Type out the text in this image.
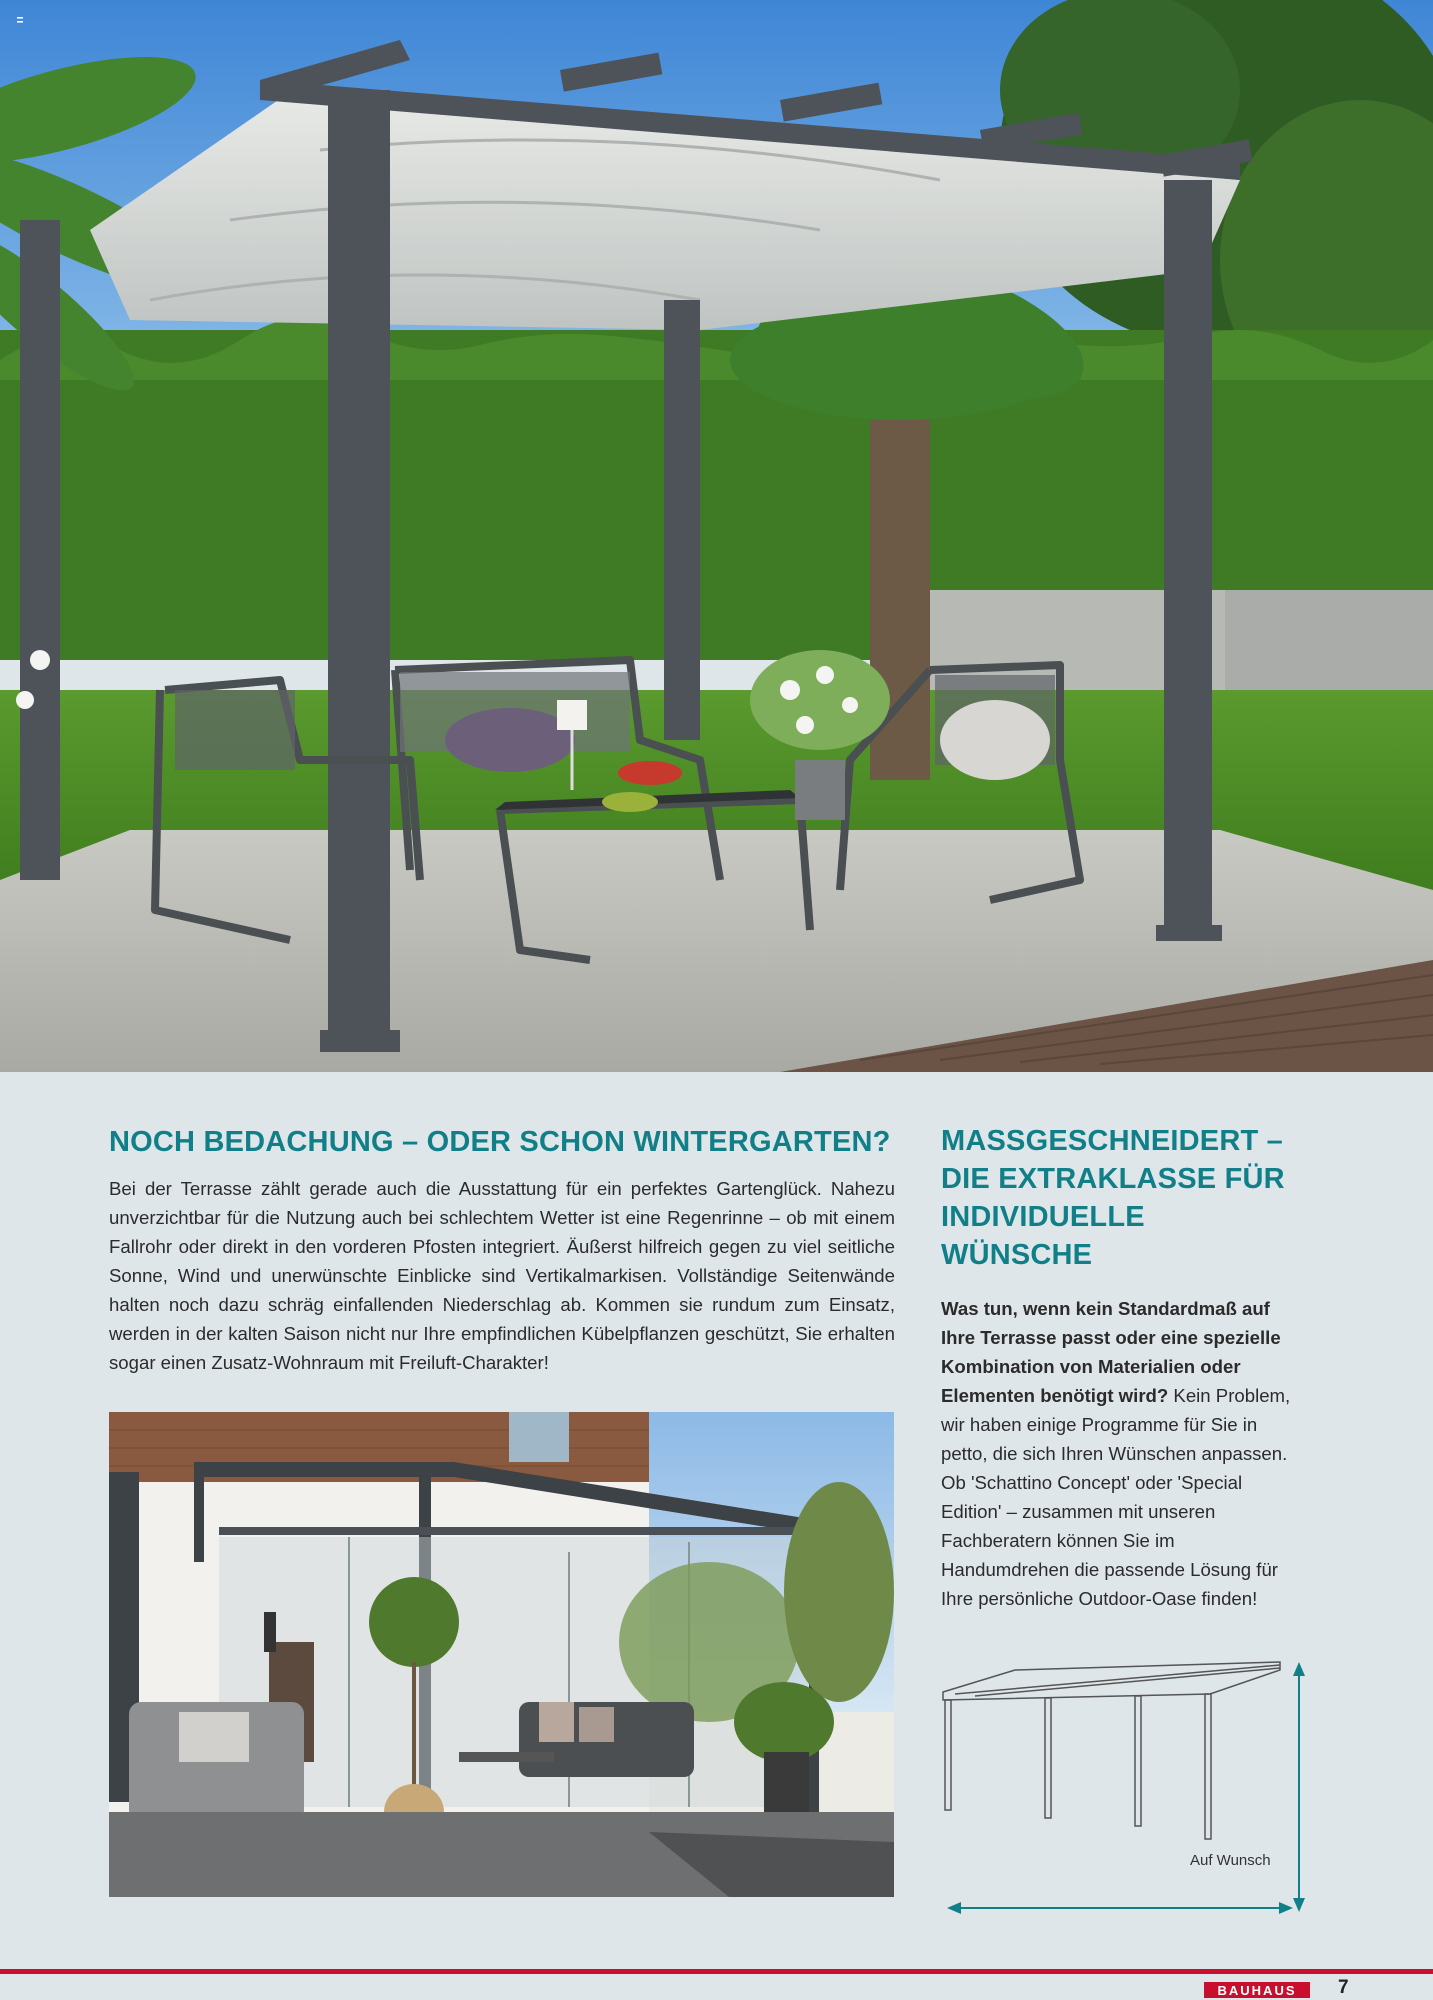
NOCH BEDACHUNG – ODER SCHON WINTERGARTEN?

Bei der Terrasse zählt gerade auch die Ausstattung für ein perfektes Gartenglück. Nahezu unverzichtbar für die Nutzung auch bei schlechtem Wetter ist eine Regenrinne – ob mit einem Fallrohr oder direkt in den vorderen Pfosten integriert. Äußerst hilfreich gegen zu viel seitliche Sonne, Wind und unerwünschte Einblicke sind Vertikalmarkisen. Vollständige Seitenwände halten noch dazu schräg einfallenden Niederschlag ab. Kommen sie rundum zum Einsatz, werden in der kalten Saison nicht nur Ihre empfindlichen Kübelpflanzen geschützt, Sie erhalten sogar einen Zusatz-Wohnraum mit Freiluft-Charakter!

MASSGESCHNEIDERT –
DIE EXTRAKLASSE FÜR
INDIVIDUELLE WÜNSCHE

Was tun, wenn kein Standardmaß auf Ihre Terrasse passt oder eine spezielle Kombination von Materialien oder Elementen benötigt wird? Kein Problem, wir haben einige Programme für Sie in petto, die sich Ihren Wünschen anpassen. Ob 'Schattino Concept' oder 'Special Edition' – zusammen mit unseren Fachberatern können Sie im Handumdrehen die passende Lösung für Ihre persönliche Outdoor-Oase finden!

Auf Wunsch
BAUHAUS 7
